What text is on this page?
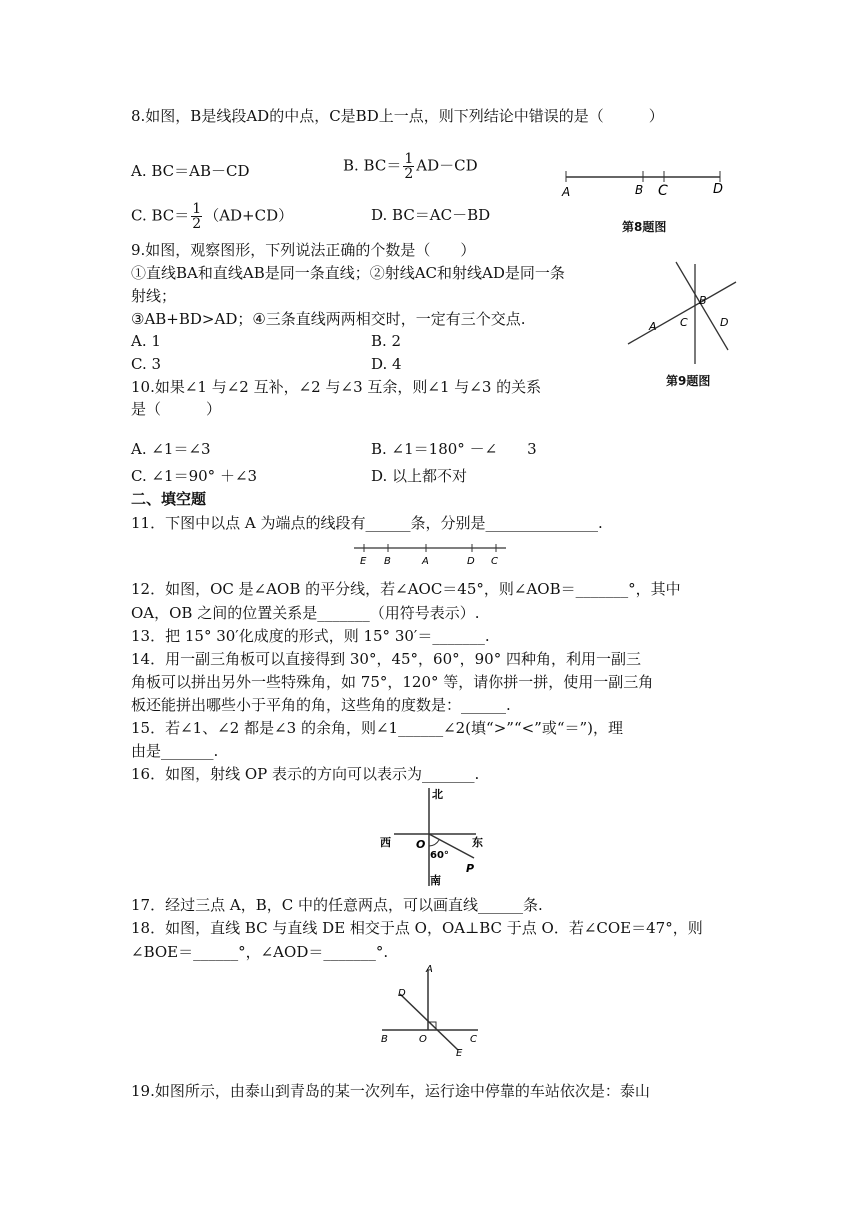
8.如图，B是线段AD的中点，C是BD上一点，则下列结论中错误的是（　　　）
A. BC＝AB－CD	B. $BC= \frac{1}{2} AD-CD$
C. $BC= \frac{1}{2} (AD+CD)$	D. BC＝AC－BD
A	B C	D
第8题图
9.如图，观察图形，下列说法正确的个数是（　　）
①直线BA和直线AB是同一条直线；②射线AC和射线AD是同一条
射线；
③AB+BD>AD；④三条直线两两相交时，一定有三个交点.
A. 1	B. 2
C. 3	D. 4
B
A C	D
第9题图
10.如果∠1 与∠2 互补，∠2 与∠3 互余，则∠1 与∠3 的关系
是（　　　）
A. ∠1＝∠3	B. ∠1＝180° －∠　　3
C. ∠1＝90° ＋∠3	D. 以上都不对
二、填空题
11．下图中以点 A 为端点的线段有______条，分别是_______________.
E B	A	D C
12．如图，OC 是∠AOB 的平分线，若∠AOC＝45°，则∠AOB＝_______°，其中
OA，OB 之间的位置关系是_______（用符号表示）.
13．把 15° 30′化成度的形式，则 15° 30′＝_______.
14．用一副三角板可以直接得到 30°，45°，60°，90° 四种角，利用一副三
角板可以拼出另外一些特殊角，如 75°，120° 等，请你拼一拼，使用一副三角
板还能拼出哪些小于平角的角，这些角的度数是：______.
15．若∠1、∠2 都是∠3 的余角，则∠1______∠2(填“>”“<”或“＝”)，理
由是_______.
16．如图，射线 OP 表示的方向可以表示为_______.
北
南
西	东
O
60°
P
17．经过三点 A，B，C 中的任意两点，可以画直线______条.
18．如图，直线 BC 与直线 DE 相交于点 O，OA⊥BC 于点 O．若∠COE＝47°，则
∠BOE＝______°，∠AOD＝_______°.
A
D
B	O	C
E
19.如图所示，由泰山到青岛的某一次列车，运行途中停靠的车站依次是：泰山
